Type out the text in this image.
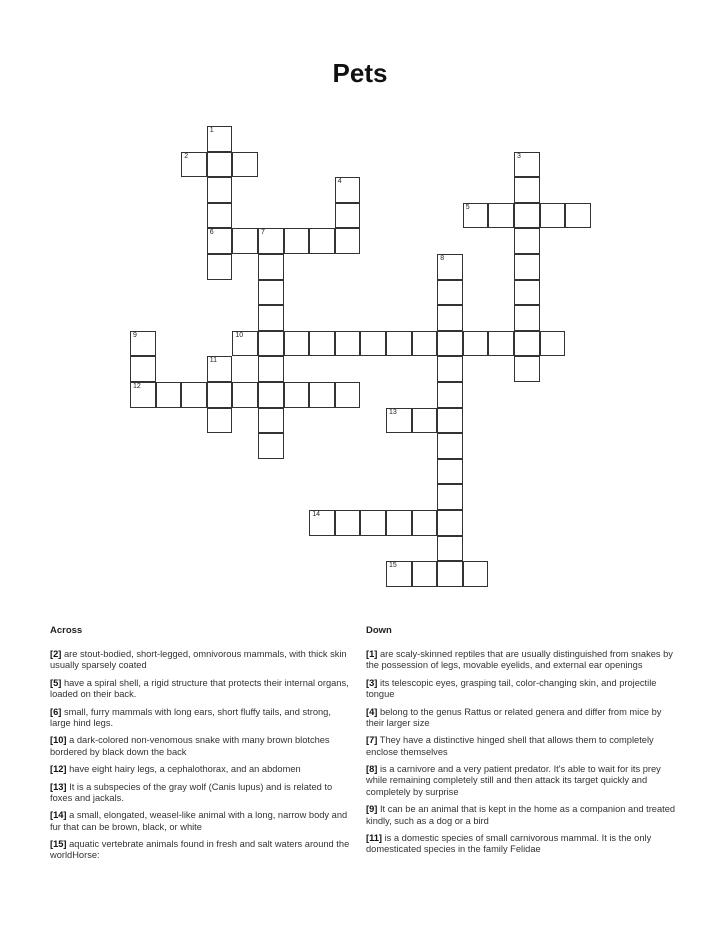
Pets
1
6
2	3
4
5
7
8
9
12
10
11
13
14
15
Across
[2] are stout-bodied, short-legged, omnivorous mammals, with thick skin usually sparsely coated
[5] have a spiral shell, a rigid structure that protects their internal organs, loaded on their back.
[6] small, furry mammals with long ears, short fluffy tails, and strong, large hind legs.
[10] a dark-colored non-venomous snake with many brown blotches bordered by black down the back
[12] have eight hairy legs, a cephalothorax, and an abdomen
[13] It is a subspecies of the gray wolf (Canis lupus) and is related to foxes and jackals.
[14] a small, elongated, weasel-like animal with a long, narrow body and fur that can be brown, black, or white
[15] aquatic vertebrate animals found in fresh and salt waters around the worldHorse:
Down
[1] are scaly-skinned reptiles that are usually distinguished from snakes by the possession of legs, movable eyelids, and external ear openings
[3] its telescopic eyes, grasping tail, color-changing skin, and projectile tongue
[4] belong to the genus Rattus or related genera and differ from mice by their larger size
[7] They have a distinctive hinged shell that allows them to completely enclose themselves
[8] is a carnivore and a very patient predator. It's able to wait for its prey while remaining completely still and then attack its target quickly and completely by surprise
[9] It can be an animal that is kept in the home as a companion and treated kindly, such as a dog or a bird
[11] is a domestic species of small carnivorous mammal. It is the only domesticated species in the family Felidae
